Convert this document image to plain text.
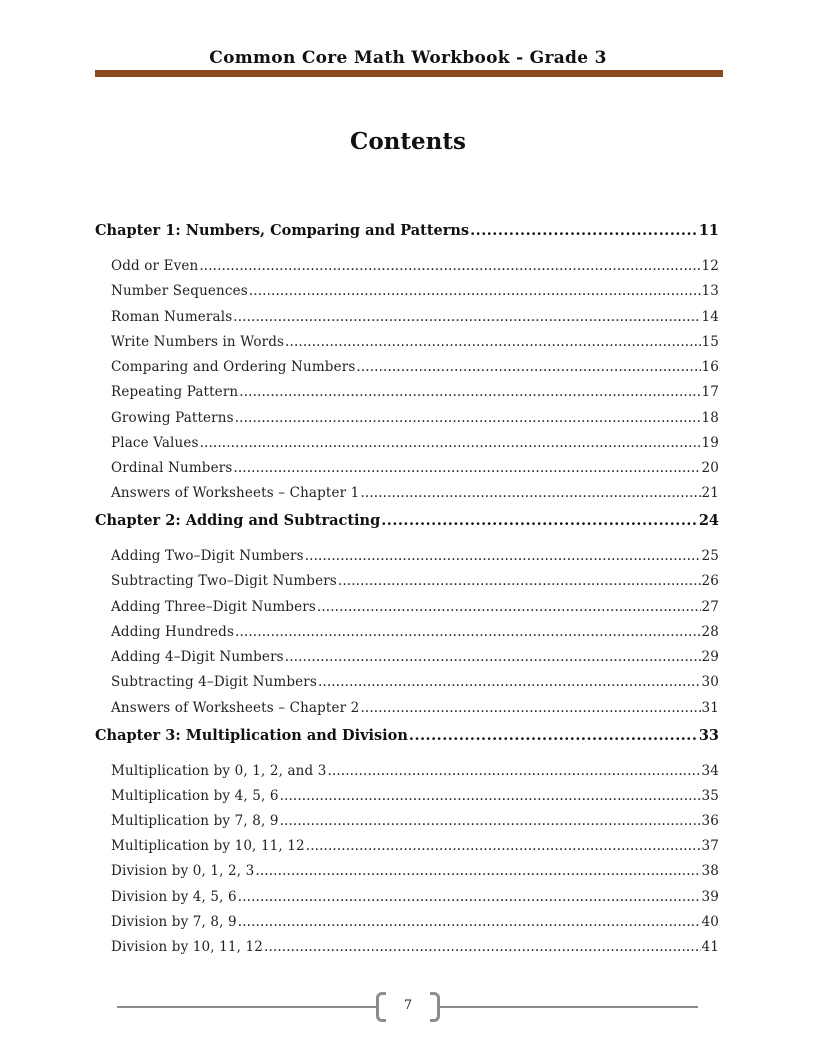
Common Core Math Workbook - Grade 3
Contents
Chapter 1: Numbers, Comparing and Patterns .....	11
Odd or Even .....	12
Number Sequences .....	13
Roman Numerals .....	14
Write Numbers in Words .....	15
Comparing and Ordering Numbers .....	16
Repeating Pattern .....	17
Growing Patterns .....	18
Place Values .....	19
Ordinal Numbers .....	20
Answers of Worksheets – Chapter 1 .....	21
Chapter 2: Adding and Subtracting .....	24
Adding Two–Digit Numbers .....	25
Subtracting Two–Digit Numbers .....	26
Adding Three–Digit Numbers .....	27
Adding Hundreds .....	28
Adding 4–Digit Numbers .....	29
Subtracting 4–Digit Numbers .....	30
Answers of Worksheets – Chapter 2 .....	31
Chapter 3: Multiplication and Division .....	33
Multiplication by 0, 1, 2, and 3 .....	34
Multiplication by 4, 5, 6 .....	35
Multiplication by 7, 8, 9 .....	36
Multiplication by 10, 11, 12 .....	37
Division by 0, 1, 2, 3 .....	38
Division by 4, 5, 6 .....	39
Division by 7, 8, 9 .....	40
Division by 10, 11, 12 .....	41
7
